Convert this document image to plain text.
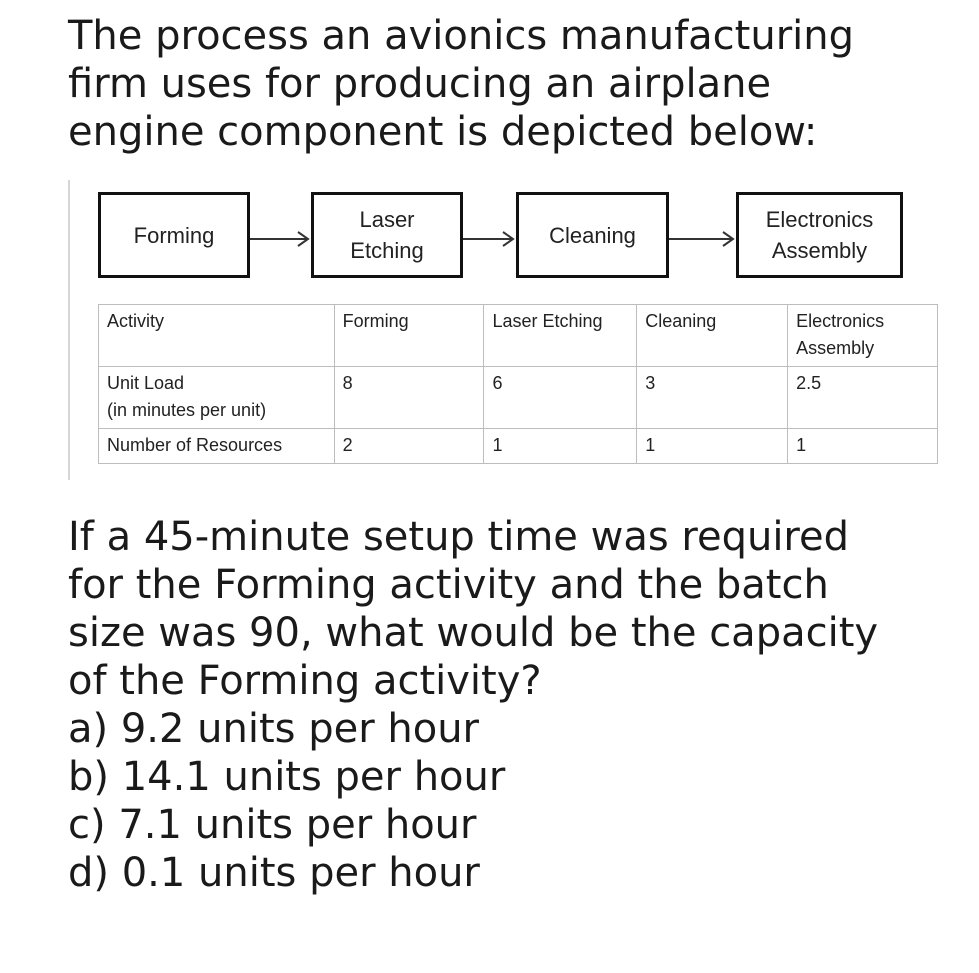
The process an avionics manufacturing
firm uses for producing an airplane
engine component is depicted below:
Forming
Laser
Etching
Cleaning
Electronics
Assembly
Activity	Forming	Laser Etching	Cleaning	Electronics
Assembly

Unit Load
(in minutes per unit)	8	6	3	2.5
Number of Resources	2	1	1	1
If a 45-minute setup time was required
for the Forming activity and the batch
size was 90, what would be the capacity
of the Forming activity?
a) 9.2 units per hour
b) 14.1 units per hour
c) 7.1 units per hour
d) 0.1 units per hour
